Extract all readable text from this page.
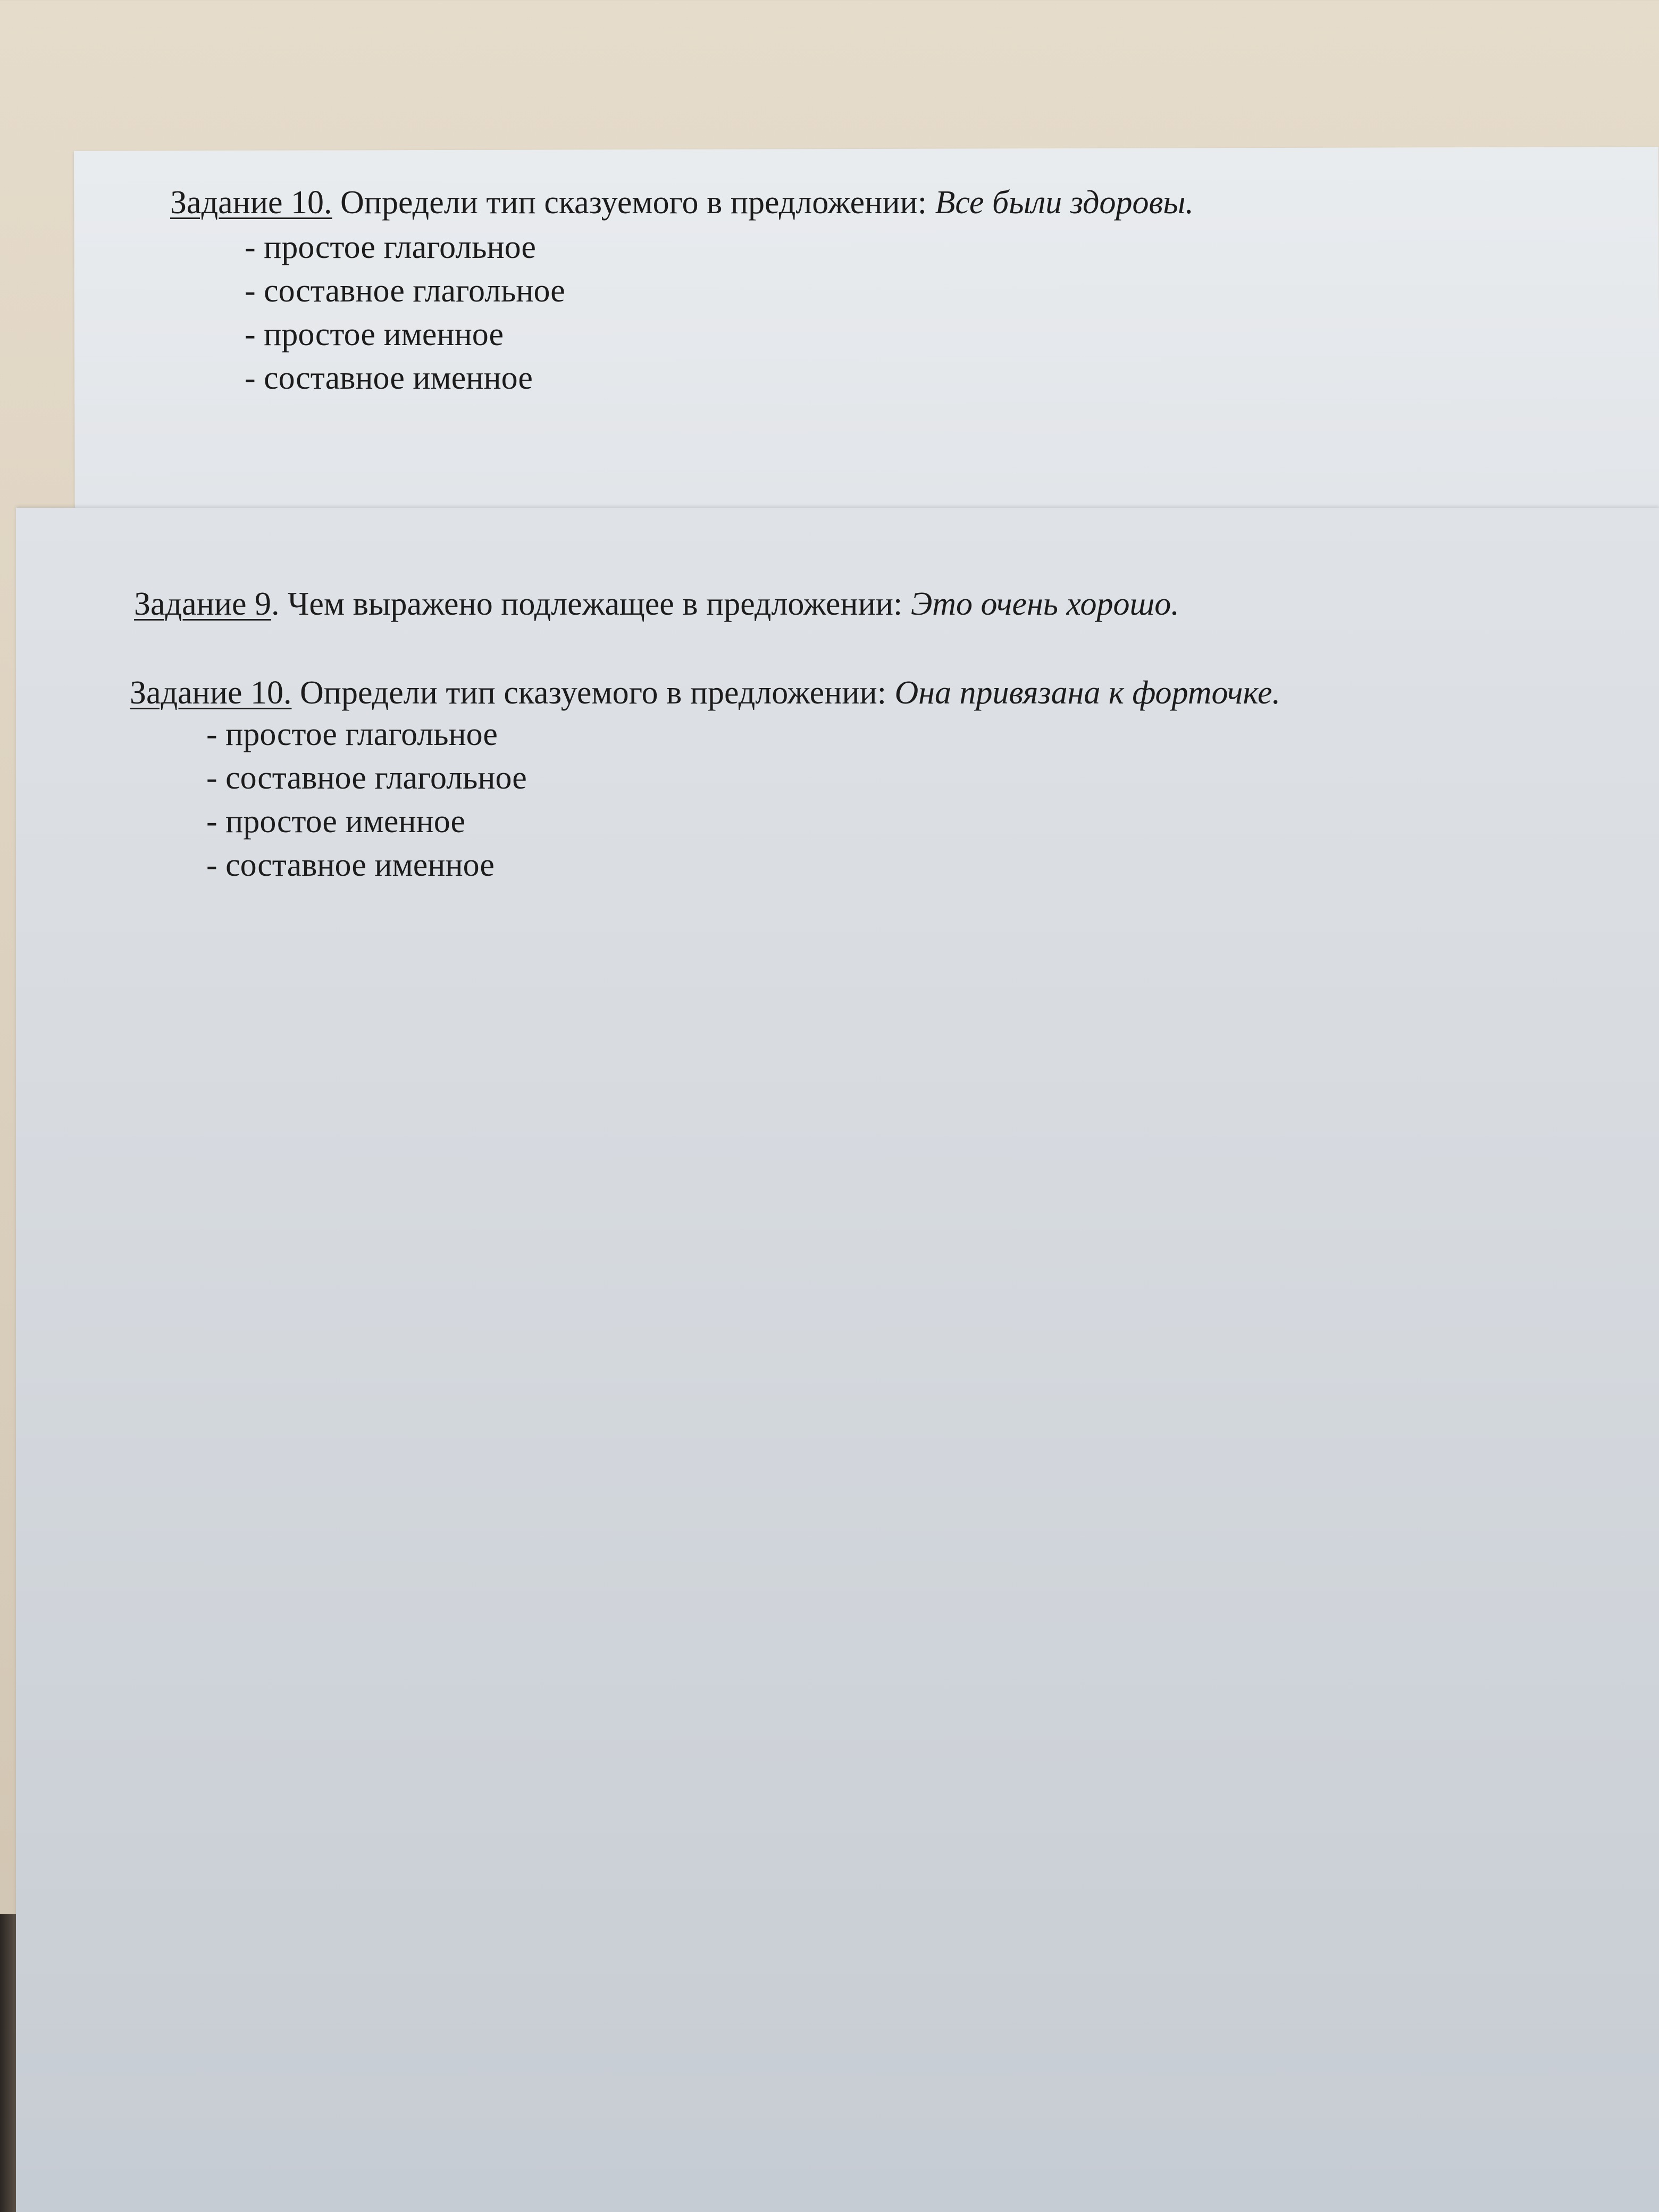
Задание 10. Определи тип сказуемого в предложении: Все были здоровы.
- простое глагольное
- составное глагольное
- простое именное
- составное именное
Задание 9. Чем выражено подлежащее в предложении: Это очень хорошо.
Задание 10. Определи тип сказуемого в предложении: Она привязана к форточке.
- простое глагольное
- составное глагольное
- простое именное
- составное именное
